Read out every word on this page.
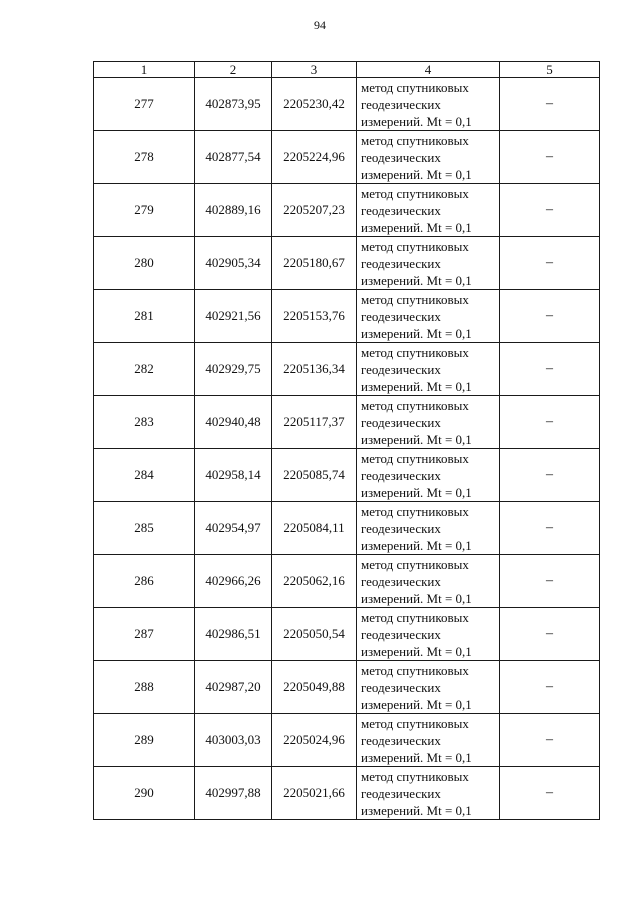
94
1	2	3	4	5
277	402873,95	2205230,42	метод спутниковых
геодезических
измерений. Mt = 0,1	–
278	402877,54	2205224,96	метод спутниковых
геодезических
измерений. Mt = 0,1	–
279	402889,16	2205207,23	метод спутниковых
геодезических
измерений. Mt = 0,1	–
280	402905,34	2205180,67	метод спутниковых
геодезических
измерений. Mt = 0,1	–
281	402921,56	2205153,76	метод спутниковых
геодезических
измерений. Mt = 0,1	–
282	402929,75	2205136,34	метод спутниковых
геодезических
измерений. Mt = 0,1	–
283	402940,48	2205117,37	метод спутниковых
геодезических
измерений. Mt = 0,1	–
284	402958,14	2205085,74	метод спутниковых
геодезических
измерений. Mt = 0,1	–
285	402954,97	2205084,11	метод спутниковых
геодезических
измерений. Mt = 0,1	–
286	402966,26	2205062,16	метод спутниковых
геодезических
измерений. Mt = 0,1	–
287	402986,51	2205050,54	метод спутниковых
геодезических
измерений. Mt = 0,1	–
288	402987,20	2205049,88	метод спутниковых
геодезических
измерений. Mt = 0,1	–
289	403003,03	2205024,96	метод спутниковых
геодезических
измерений. Mt = 0,1	–
290	402997,88	2205021,66	метод спутниковых
геодезических
измерений. Mt = 0,1	–
